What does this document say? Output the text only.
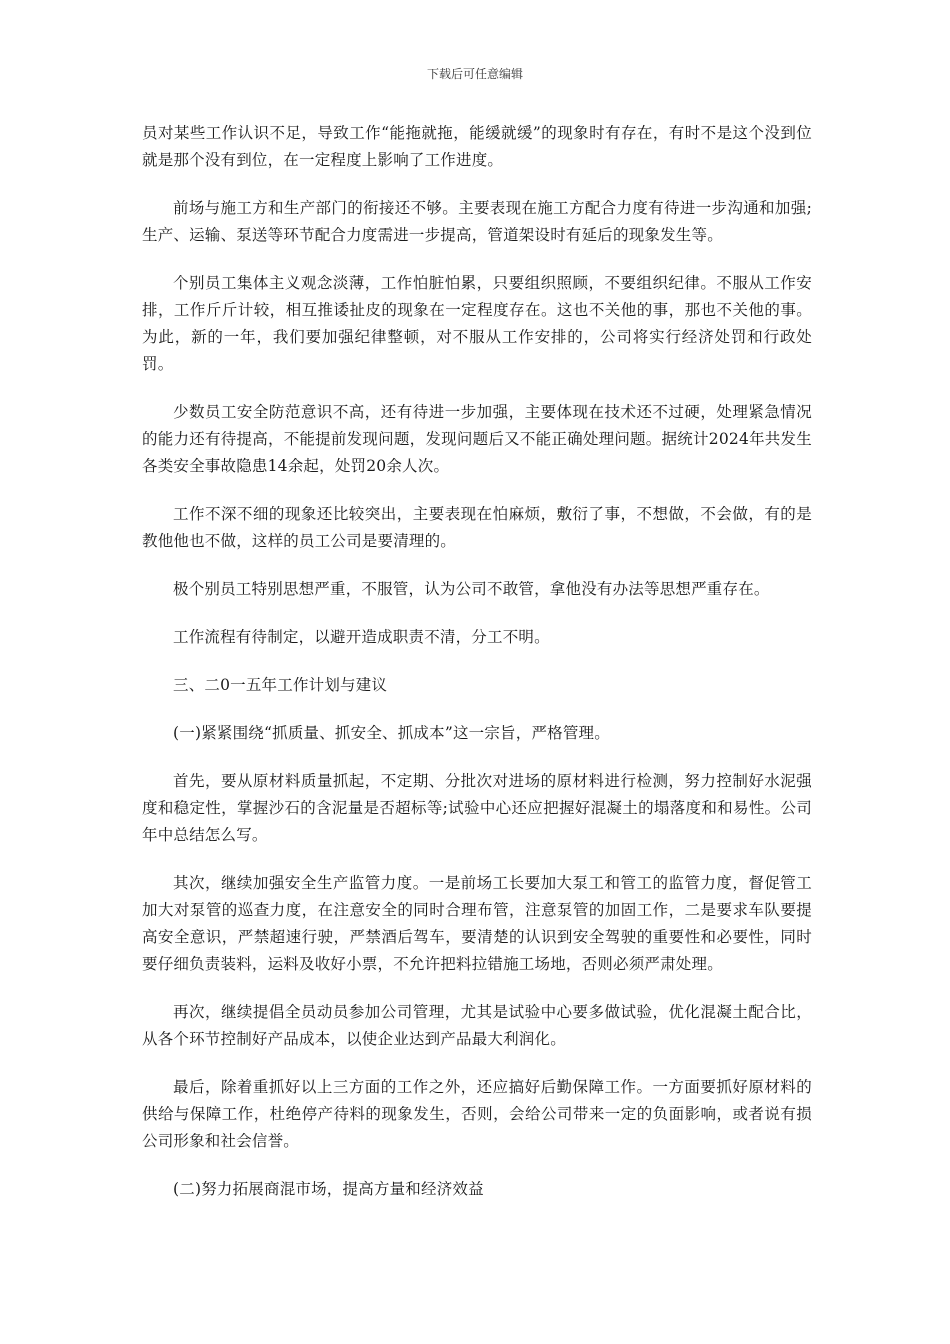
下载后可任意编辑

员对某些工作认识不足，导致工作“能拖就拖，能缓就缓”的现象时有存在，有时不是这个没到位就是那个没有到位，在一定程度上影响了工作进度。

前场与施工方和生产部门的衔接还不够。主要表现在施工方配合力度有待进一步沟通和加强;生产、运输、泵送等环节配合力度需进一步提高，管道架设时有延后的现象发生等。

个别员工集体主义观念淡薄，工作怕脏怕累，只要组织照顾，不要组织纪律。不服从工作安排，工作斤斤计较，相互推诿扯皮的现象在一定程度存在。这也不关他的事，那也不关他的事。为此，新的一年，我们要加强纪律整顿，对不服从工作安排的，公司将实行经济处罚和行政处罚。

少数员工安全防范意识不高，还有待进一步加强，主要体现在技术还不过硬，处理紧急情况的能力还有待提高，不能提前发现问题，发现问题后又不能正确处理问题。据统计2024年共发生各类安全事故隐患14余起，处罚20余人次。

工作不深不细的现象还比较突出，主要表现在怕麻烦，敷衍了事，不想做，不会做，有的是教他他也不做，这样的员工公司是要清理的。

极个别员工特别思想严重，不服管，认为公司不敢管，拿他没有办法等思想严重存在。

工作流程有待制定，以避开造成职责不清，分工不明。

三、二0一五年工作计划与建议

(一)紧紧围绕“抓质量、抓安全、抓成本”这一宗旨，严格管理。

首先，要从原材料质量抓起，不定期、分批次对进场的原材料进行检测，努力控制好水泥强度和稳定性，掌握沙石的含泥量是否超标等;试验中心还应把握好混凝土的塌落度和和易性。公司年中总结怎么写。

其次，继续加强安全生产监管力度。一是前场工长要加大泵工和管工的监管力度，督促管工加大对泵管的巡查力度，在注意安全的同时合理布管，注意泵管的加固工作，二是要求车队要提高安全意识，严禁超速行驶，严禁酒后驾车，要清楚的认识到安全驾驶的重要性和必要性，同时要仔细负责装料，运料及收好小票，不允许把料拉错施工场地，否则必须严肃处理。

再次，继续提倡全员动员参加公司管理，尤其是试验中心要多做试验，优化混凝土配合比，从各个环节控制好产品成本，以使企业达到产品最大利润化。

最后，除着重抓好以上三方面的工作之外，还应搞好后勤保障工作。一方面要抓好原材料的供给与保障工作，杜绝停产待料的现象发生，否则，会给公司带来一定的负面影响，或者说有损公司形象和社会信誉。

(二)努力拓展商混市场，提高方量和经济效益
